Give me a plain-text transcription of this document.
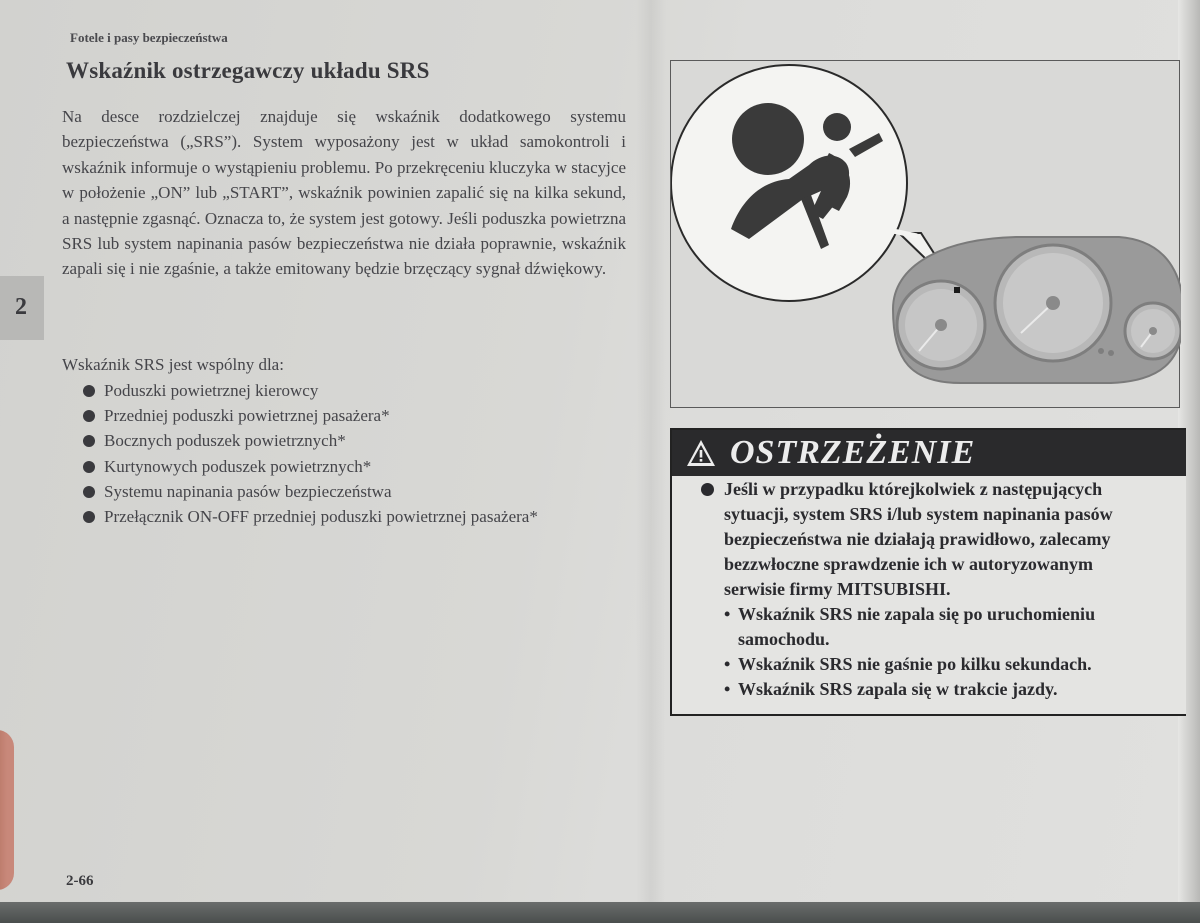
Fotele i pasy bezpieczeństwa
Wskaźnik ostrzegawczy układu SRS

Na desce rozdzielczej znajduje się wskaźnik dodatkowego systemu bezpieczeństwa („SRS”). System wyposażony jest w układ samokontroli i wskaźnik informuje o wystąpieniu problemu. Po przekręceniu kluczyka w stacyjce w położenie „ON” lub „START”, wskaźnik powinien zapalić się na kilka sekund, a następnie zgasnąć. Oznacza to, że system jest gotowy. Jeśli poduszka powietrzna SRS lub system napinania pasów bezpieczeństwa nie działa poprawnie, wskaźnik zapali się i nie zgaśnie, a także emitowany będzie brzęczący sygnał dźwiękowy.

Wskaźnik SRS jest wspólny dla:
Poduszki powietrznej kierowcy
Przedniej poduszki powietrznej pasażera*
Bocznych poduszek powietrznych*
Kurtynowych poduszek powietrznych*
Systemu napinania pasów bezpieczeństwa
Przełącznik ON-OFF przedniej poduszki powietrznej pasażera*
2
2-66
OSTRZEŻENIE
Jeśli w przypadku którejkolwiek z następujących
sytuacji, system SRS i/lub system napinania pasów
bezpieczeństwa nie działają prawidłowo, zalecamy
bezzwłoczne sprawdzenie ich w autoryzowanym
serwisie firmy MITSUBISHI.
• Wskaźnik SRS nie zapala się po uruchomieniu
samochodu.
• Wskaźnik SRS nie gaśnie po kilku sekundach.
• Wskaźnik SRS zapala się w trakcie jazdy.
